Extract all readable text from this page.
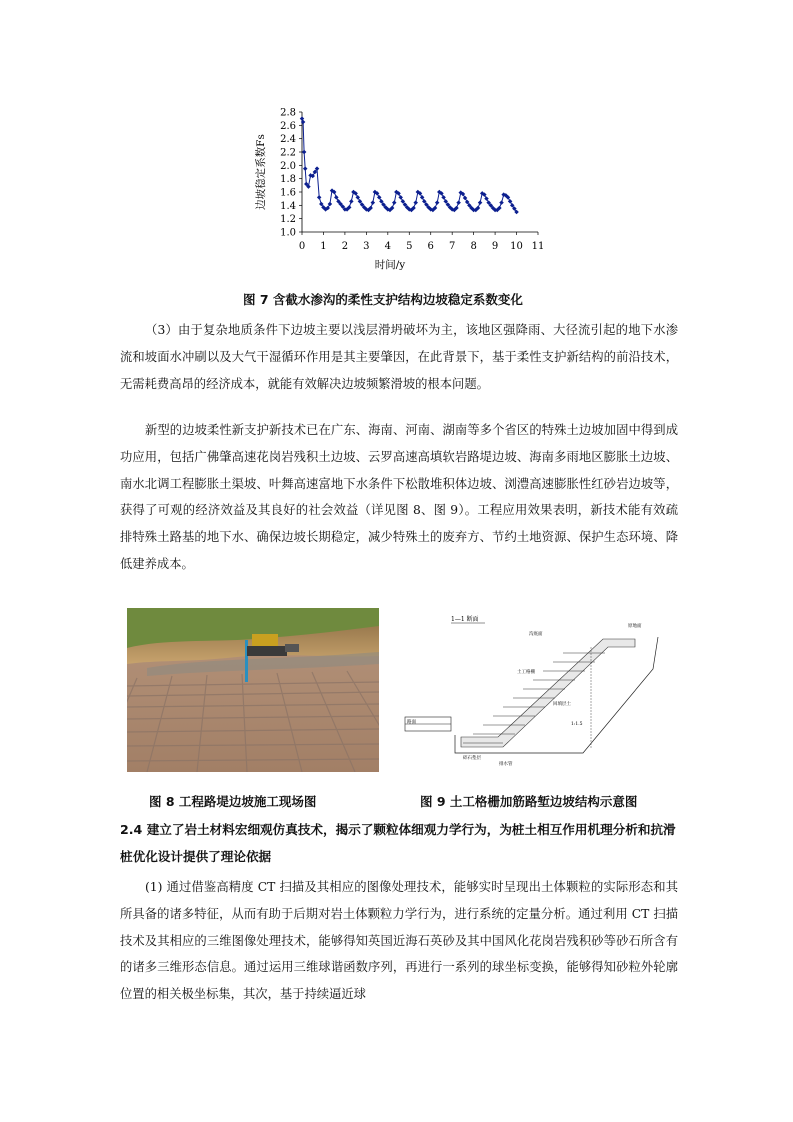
1.0
1.2
1.4
1.6
1.8
2.0
2.2
2.4
2.6
2.8
0 1 2 3 4 5 6 7 8 9 10 11
时间/y
边坡稳定系数Fs
图 7 含截水渗沟的柔性支护结构边坡稳定系数变化

（3）由于复杂地质条件下边坡主要以浅层滑坍破坏为主，该地区强降雨、大径流引起的地下水渗流和坡面水冲刷以及大气干湿循环作用是其主要肇因，在此背景下，基于柔性支护新结构的前沿技术，无需耗费高昂的经济成本，就能有效解决边坡频繁滑坡的根本问题。

新型的边坡柔性新支护新技术已在广东、海南、河南、湖南等多个省区的特殊土边坡加固中得到成功应用，包括广佛肇高速花岗岩残积土边坡、云罗高速高填软岩路堤边坡、海南多雨地区膨胀土边坡、南水北调工程膨胀土渠坡、叶舞高速富地下水条件下松散堆积体边坡、浏澧高速膨胀性红砂岩边坡等，获得了可观的经济效益及其良好的社会效益（详见图 8、图 9）。工程应用效果表明，新技术能有效疏排特殊土路基的地下水、确保边坡长期稳定，减少特殊土的废弃方、节约土地资源、保护生态环境、降低建养成本。

1—1 断面
路面
沟底面
土工格栅
回填层土
原地面
碎石垫层
排水管
1:1.5
图 8 工程路堤边坡施工现场图	图 9 土工格栅加筋路堑边坡结构示意图
2.4 建立了岩土材料宏细观仿真技术，揭示了颗粒体细观力学行为，为桩土相互作用机理分析和抗滑桩优化设计提供了理论依据

(1) 通过借鉴高精度 CT 扫描及其相应的图像处理技术，能够实时呈现出土体颗粒的实际形态和其所具备的诸多特征，从而有助于后期对岩土体颗粒力学行为，进行系统的定量分析。通过利用 CT 扫描技术及其相应的三维图像处理技术，能够得知英国近海石英砂及其中国风化花岗岩残积砂等砂石所含有的诸多三维形态信息。通过运用三维球谐函数序列，再进行一系列的球坐标变换，能够得知砂粒外轮廓位置的相关极坐标集，其次，基于持续逼近球
